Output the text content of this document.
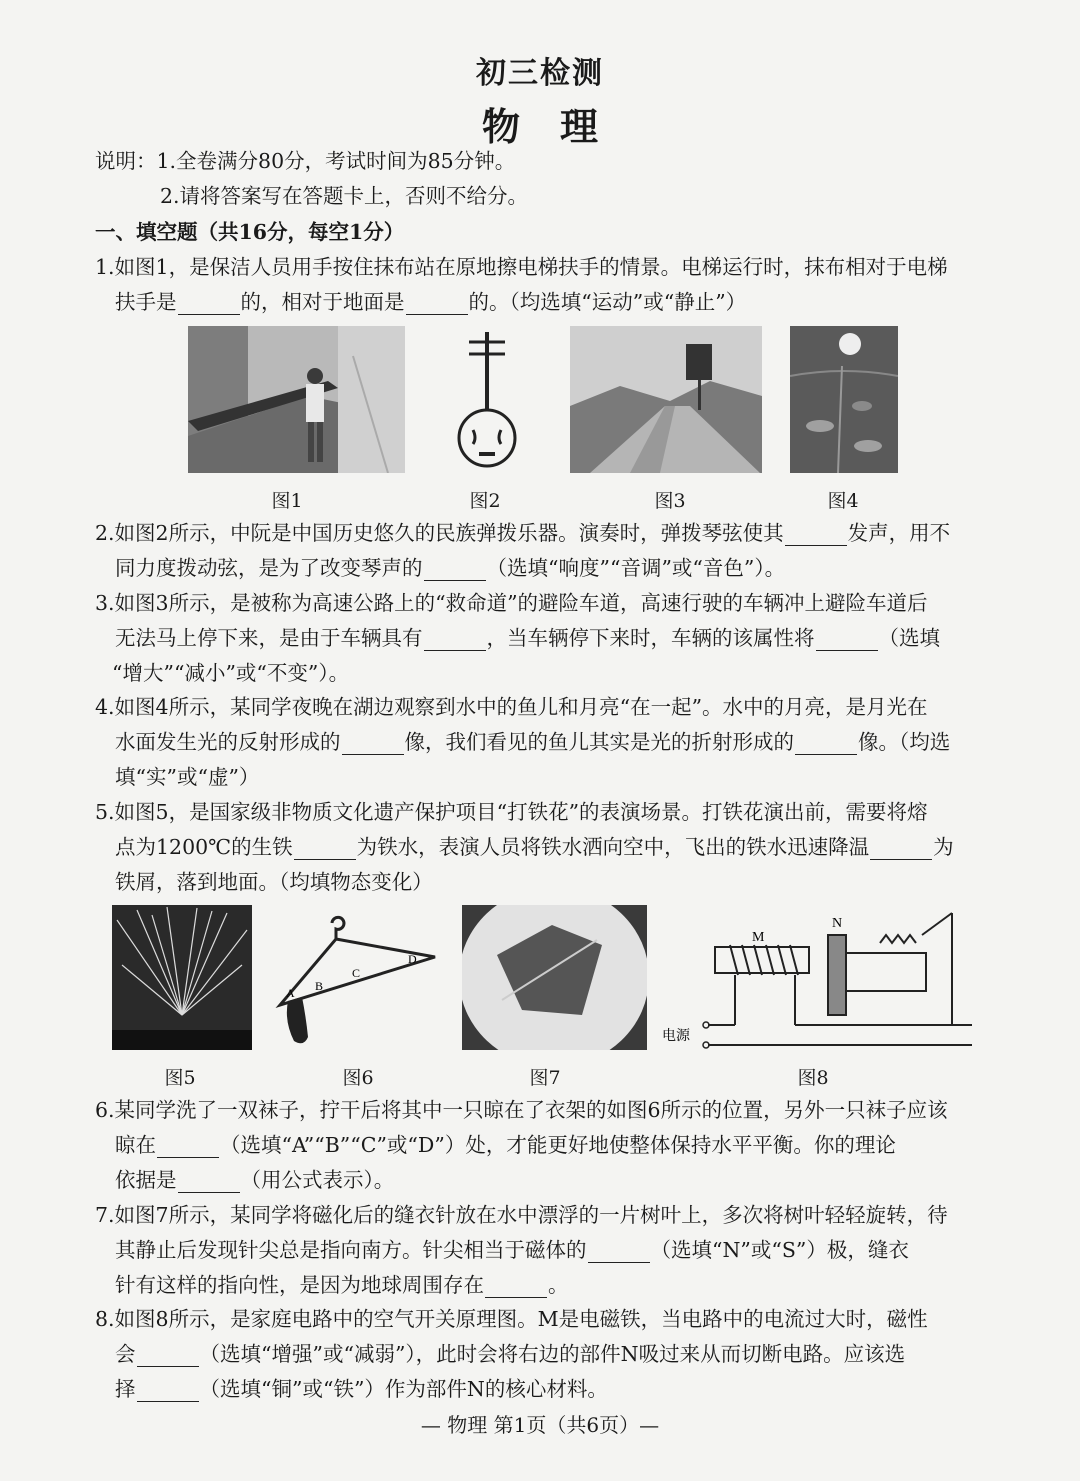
初三检测
物理
说明：1.全卷满分80分，考试时间为85分钟。
2.请将答案写在答题卡上，否则不给分。
一、填空题（共16分，每空1分）
1.如图1，是保洁人员用手按住抹布站在原地擦电梯扶手的情景。电梯运行时，抹布相对于电梯
扶手是	的，相对于地面是	的。（均选填“运动”或“静止”）
图1	图2	图3	图4
2.如图2所示，中阮是中国历史悠久的民族弹拨乐器。演奏时，弹拨琴弦使其	发声，用不
同力度拨动弦，是为了改变琴声的	（选填“响度”“音调”或“音色”）。
3.如图3所示，是被称为高速公路上的“救命道”的避险车道，高速行驶的车辆冲上避险车道后
无法马上停下来，是由于车辆具有	，当车辆停下来时，车辆的该属性将	（选填
“增大”“减小”或“不变”）。
4.如图4所示，某同学夜晚在湖边观察到水中的鱼儿和月亮“在一起”。水中的月亮，是月光在
水面发生光的反射形成的	像，我们看见的鱼儿其实是光的折射形成的	像。（均选
填“实”或“虚”）
5.如图5，是国家级非物质文化遗产保护项目“打铁花”的表演场景。打铁花演出前，需要将熔
点为1200℃的生铁	为铁水，表演人员将铁水洒向空中，飞出的铁水迅速降温	为
铁屑，落到地面。（均填物态变化）
A B
C
D
M
N
电源
图5	图6	图7	图8
6.某同学洗了一双袜子，拧干后将其中一只晾在了衣架的如图6所示的位置，另外一只袜子应该
晾在	（选填“A”“B”“C”或“D”）处，才能更好地使整体保持水平平衡。你的理论
依据是	（用公式表示）。
7.如图7所示，某同学将磁化后的缝衣针放在水中漂浮的一片树叶上，多次将树叶轻轻旋转，待
其静止后发现针尖总是指向南方。针尖相当于磁体的	（选填“N”或“S”）极，缝衣
针有这样的指向性，是因为地球周围存在	。
8.如图8所示，是家庭电路中的空气开关原理图。M是电磁铁，当电路中的电流过大时，磁性
会	（选填“增强”或“减弱”），此时会将右边的部件N吸过来从而切断电路。应该选
择	（选填“铜”或“铁”）作为部件N的核心材料。
— 物理 第1页（共6页）—
